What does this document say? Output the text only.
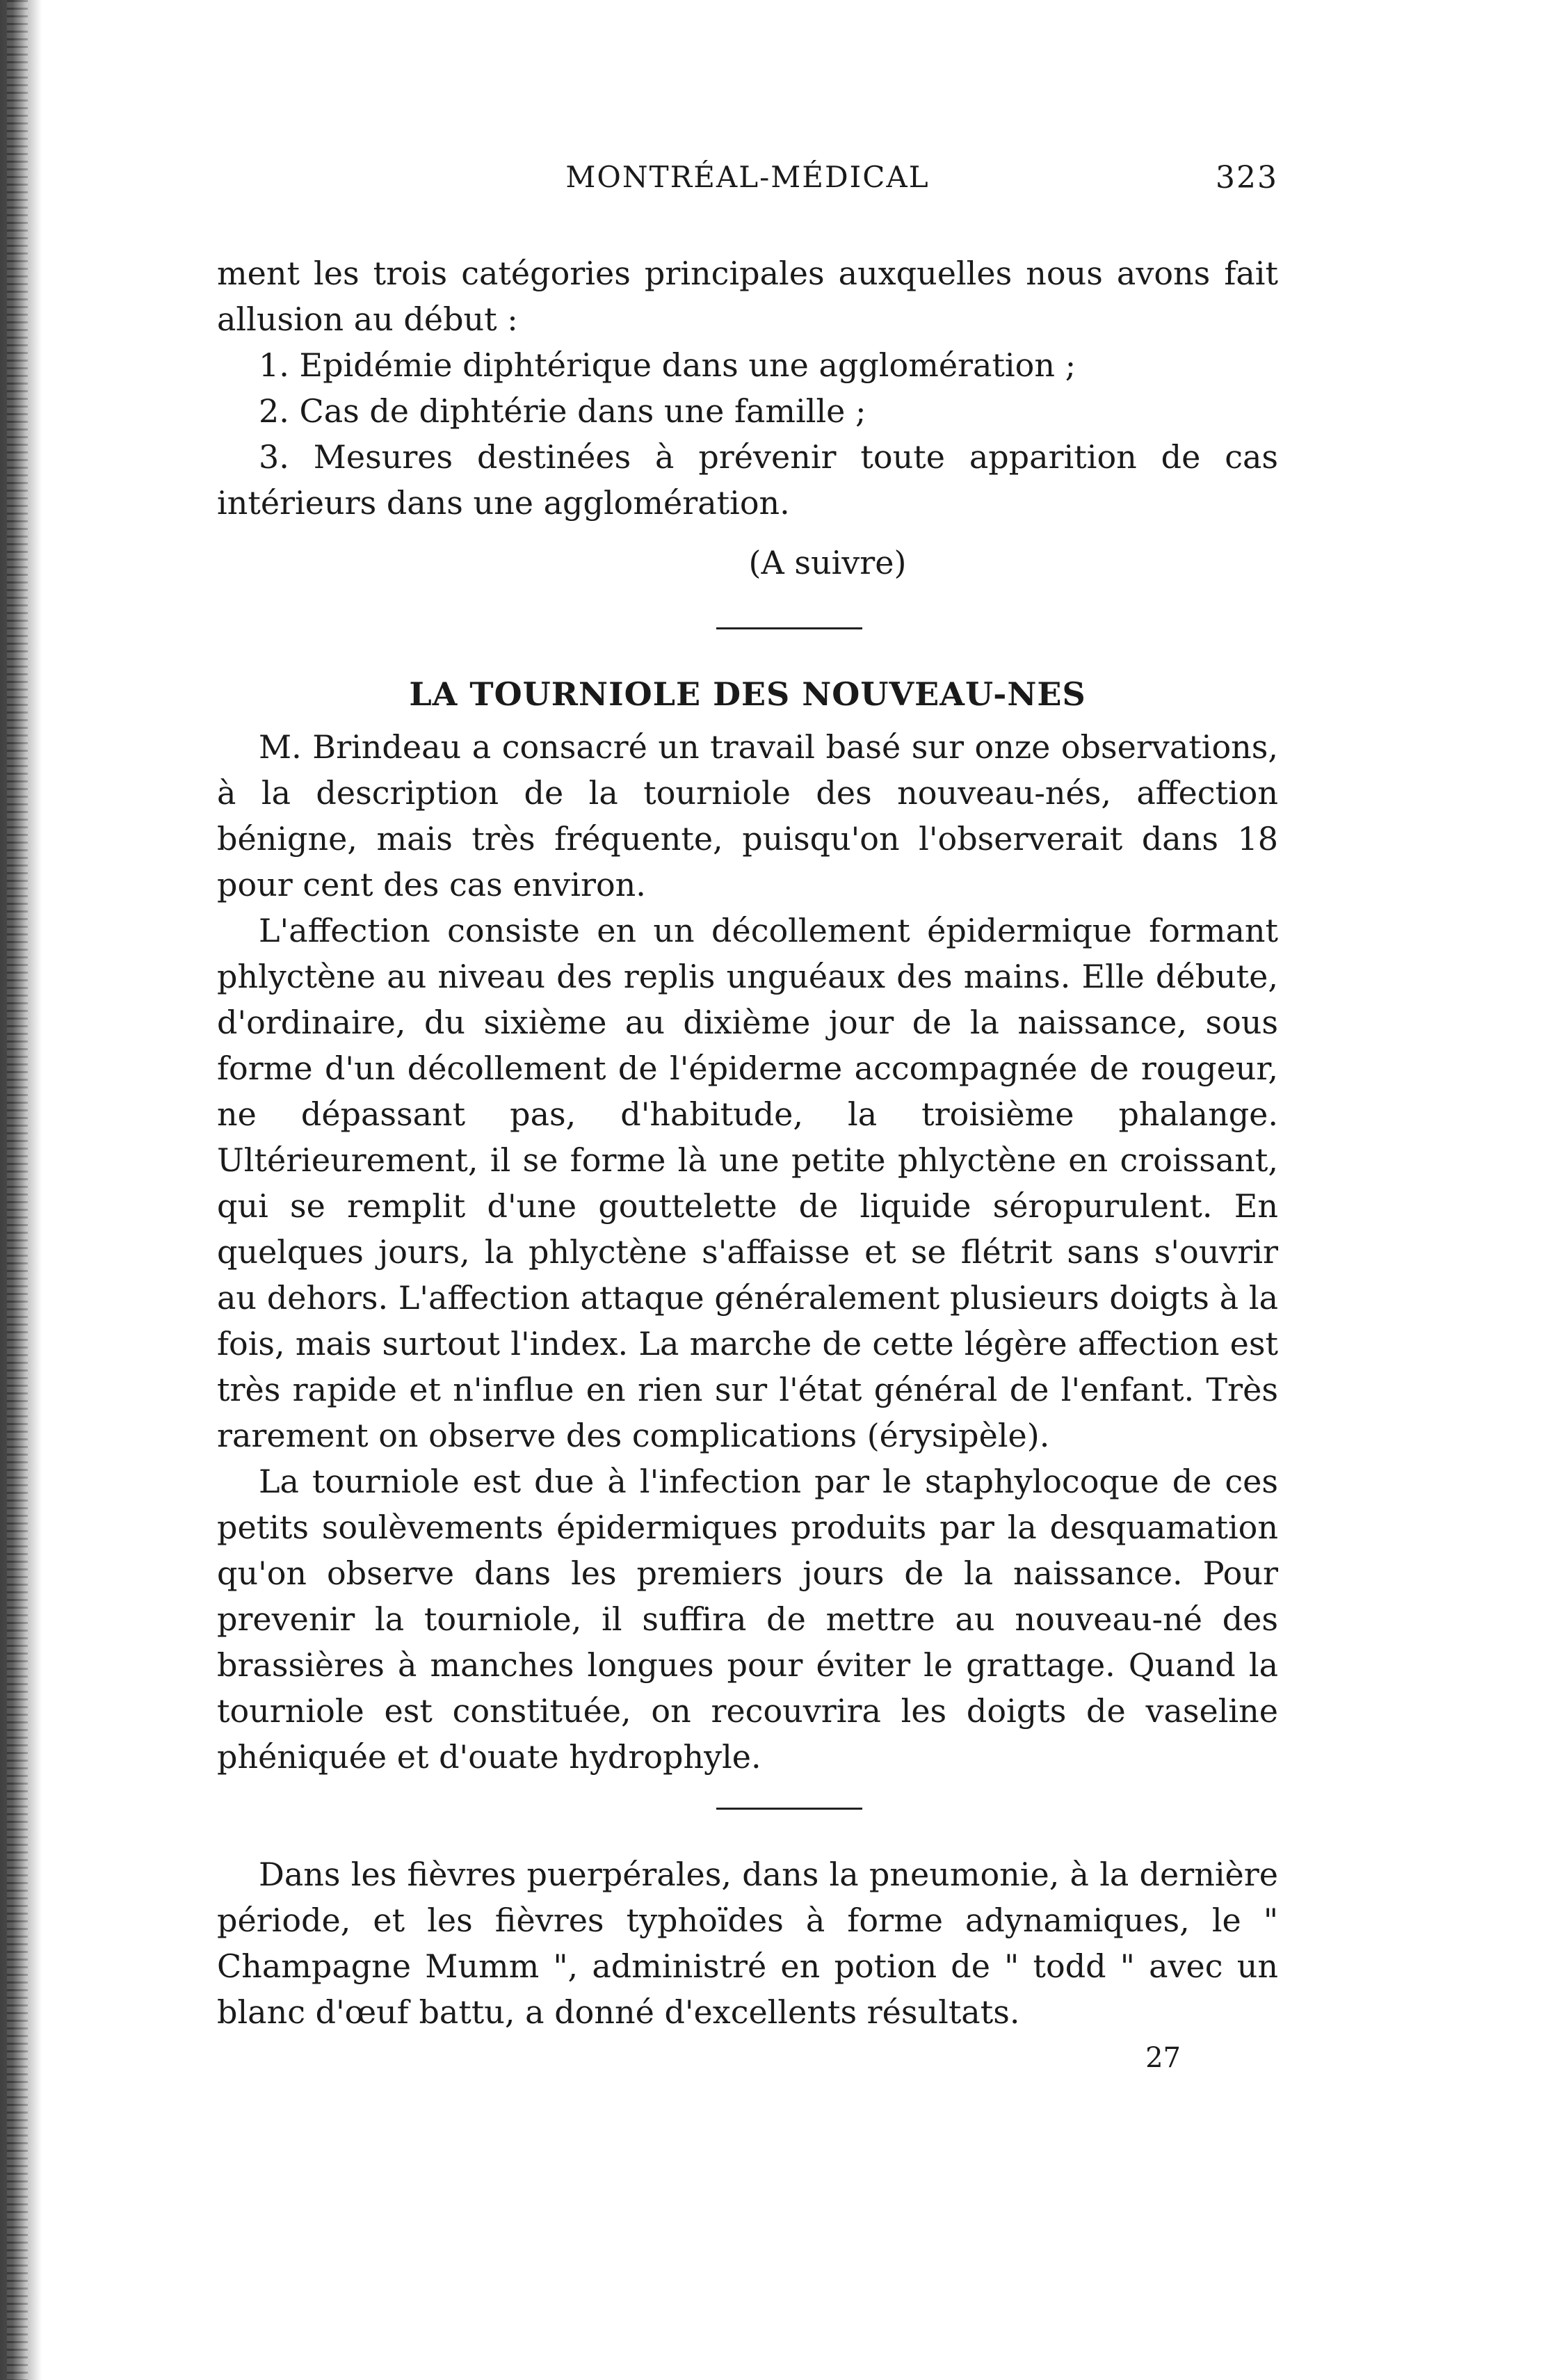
MONTRÉAL-MÉDICAL	323

ment les trois catégories principales auxquelles nous avons fait allusion au début :

1. Epidémie diphtérique dans une agglomération ;

2. Cas de diphtérie dans une famille ;

3. Mesures destinées à prévenir toute apparition de cas intérieurs dans une agglomération.

(A suivre)

LA TOURNIOLE DES NOUVEAU-NES

M. Brindeau a consacré un travail basé sur onze observations, à la description de la tourniole des nouveau-nés, affection bénigne, mais très fréquente, puisqu'on l'observerait dans 18 pour cent des cas environ.

L'affection consiste en un décollement épidermique formant phlyctène au niveau des replis unguéaux des mains. Elle débute, d'ordinaire, du sixième au dixième jour de la naissance, sous forme d'un décollement de l'épiderme accompagnée de rougeur, ne dépassant pas, d'habitude, la troisième phalange. Ultérieurement, il se forme là une petite phlyctène en croissant, qui se remplit d'une gouttelette de liquide séropurulent. En quelques jours, la phlyctène s'affaisse et se flétrit sans s'ouvrir au dehors. L'affection attaque généralement plusieurs doigts à la fois, mais surtout l'index. La marche de cette légère affection est très rapide et n'influe en rien sur l'état général de l'enfant. Très rarement on observe des complications (érysipèle).

La tourniole est due à l'infection par le staphylocoque de ces petits soulèvements épidermiques produits par la desquamation qu'on observe dans les premiers jours de la naissance. Pour prevenir la tourniole, il suffira de mettre au nouveau-né des brassières à manches longues pour éviter le grattage. Quand la tourniole est constituée, on recouvrira les doigts de vaseline phéniquée et d'ouate hydrophyle.

Dans les fièvres puerpérales, dans la pneumonie, à la dernière période, et les fièvres typhoïdes à forme adynamiques, le " Champagne Mumm ", administré en potion de " todd " avec un blanc d'œuf battu, a donné d'excellents résultats.

27
